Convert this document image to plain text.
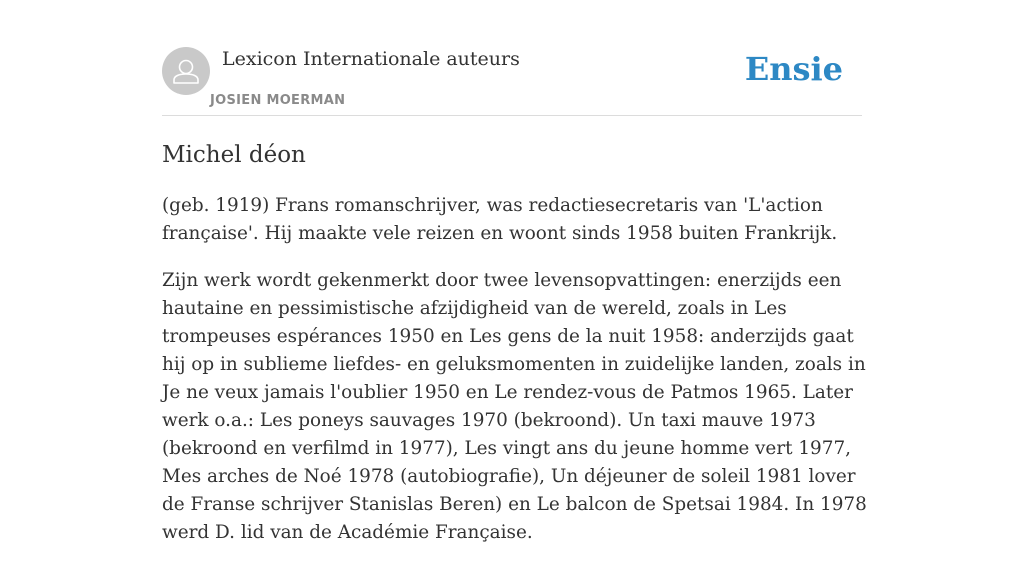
Lexicon Internationale auteurs
JOSIEN MOERMAN
Ensie
Michel déon

(geb. 1919) Frans romanschrijver, was redactiesecretaris van 'L'action française'. Hij maakte vele reizen en woont sinds 1958 buiten Frankrijk.

Zijn werk wordt gekenmerkt door twee levensopvattingen: enerzijds een hautaine en pessimistische afzijdigheid van de wereld, zoals in Les trompeuses espérances 1950 en Les gens de la nuit 1958: anderzijds gaat hij op in sublieme liefdes- en geluksmomenten in zuidelijke landen, zoals in Je ne veux jamais l'oublier 1950 en Le rendez-vous de Patmos 1965. Later werk o.a.: Les poneys sauvages 1970 (bekroond). Un taxi mauve 1973 (bekroond en verfilmd in 1977), Les vingt ans du jeune homme vert 1977, Mes arches de Noé 1978 (autobiografie), Un déjeuner de soleil 1981 lover de Franse schrijver Stanislas Beren) en Le balcon de Spetsai 1984. In 1978 werd D. lid van de Académie Française.
